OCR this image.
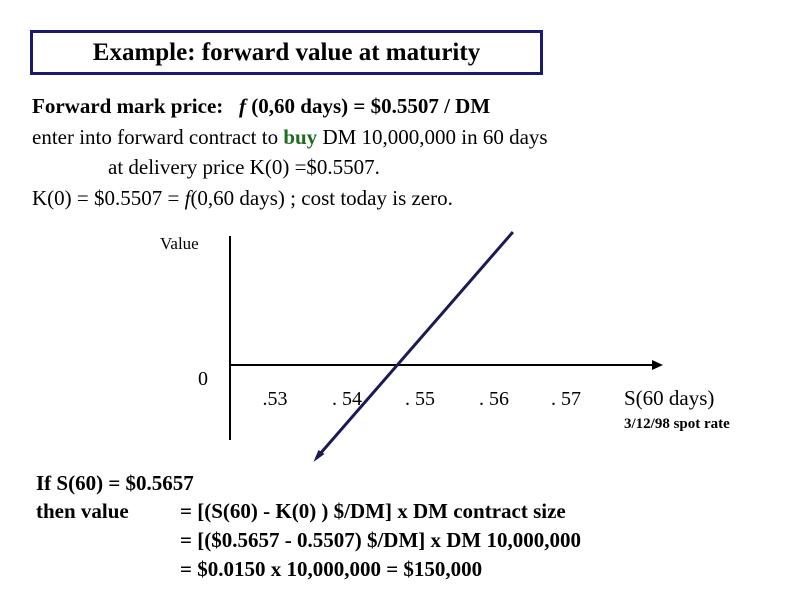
Example: forward value at maturity
Forward mark price: f (0,60 days) = $0.5507 / DM
enter into forward contract to buy DM 10,000,000 in 60 days
at delivery price K(0) =$0.5507.
K(0) = $0.5507 = f(0,60 days) ; cost today is zero.
Value
0
.53 . 54 . 55 . 56 . 57 S(60 days)
3/12/98 spot rate
If S(60) = $0.5657
then value = [(S(60) - K(0) ) $/DM] x DM contract size
= [($0.5657 - 0.5507) $/DM] x DM 10,000,000
= $0.0150 x 10,000,000 = $150,000
